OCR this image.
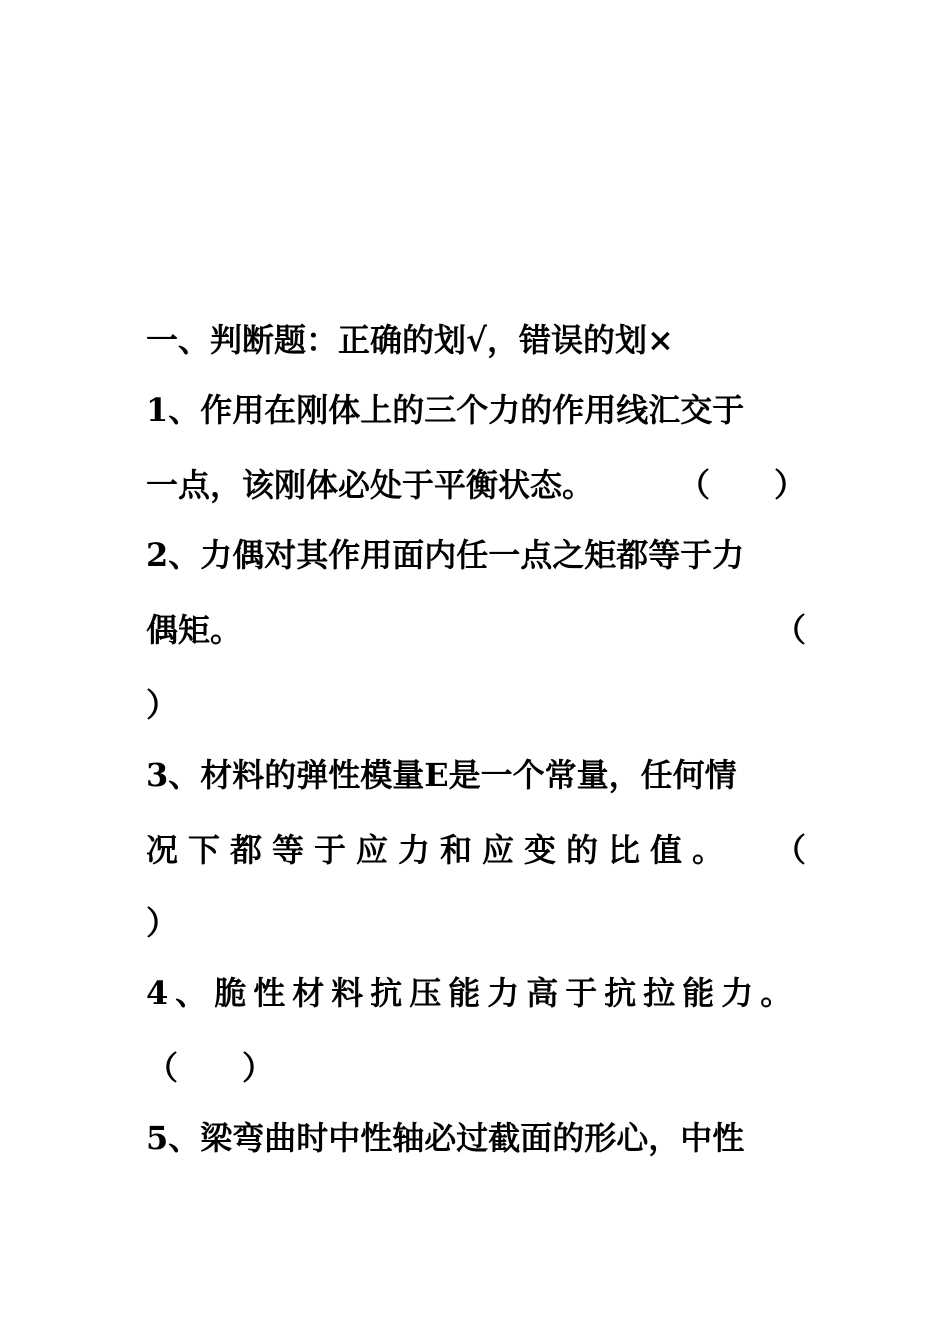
一、判断题：正确的划√，错误的划×
1、作用在刚体上的三个力的作用线汇交于
一点，该刚体必处于平衡状态。	（　　）
2、力偶对其作用面内任一点之矩都等于力
偶矩。	（
）
3、材料的弹性模量E是一个常量，任何情
况下都等于应力和应变的比值。 （
）
4、脆性材料抗压能力高于抗拉能力。
（　　）
5、梁弯曲时中性轴必过截面的形心，中性
